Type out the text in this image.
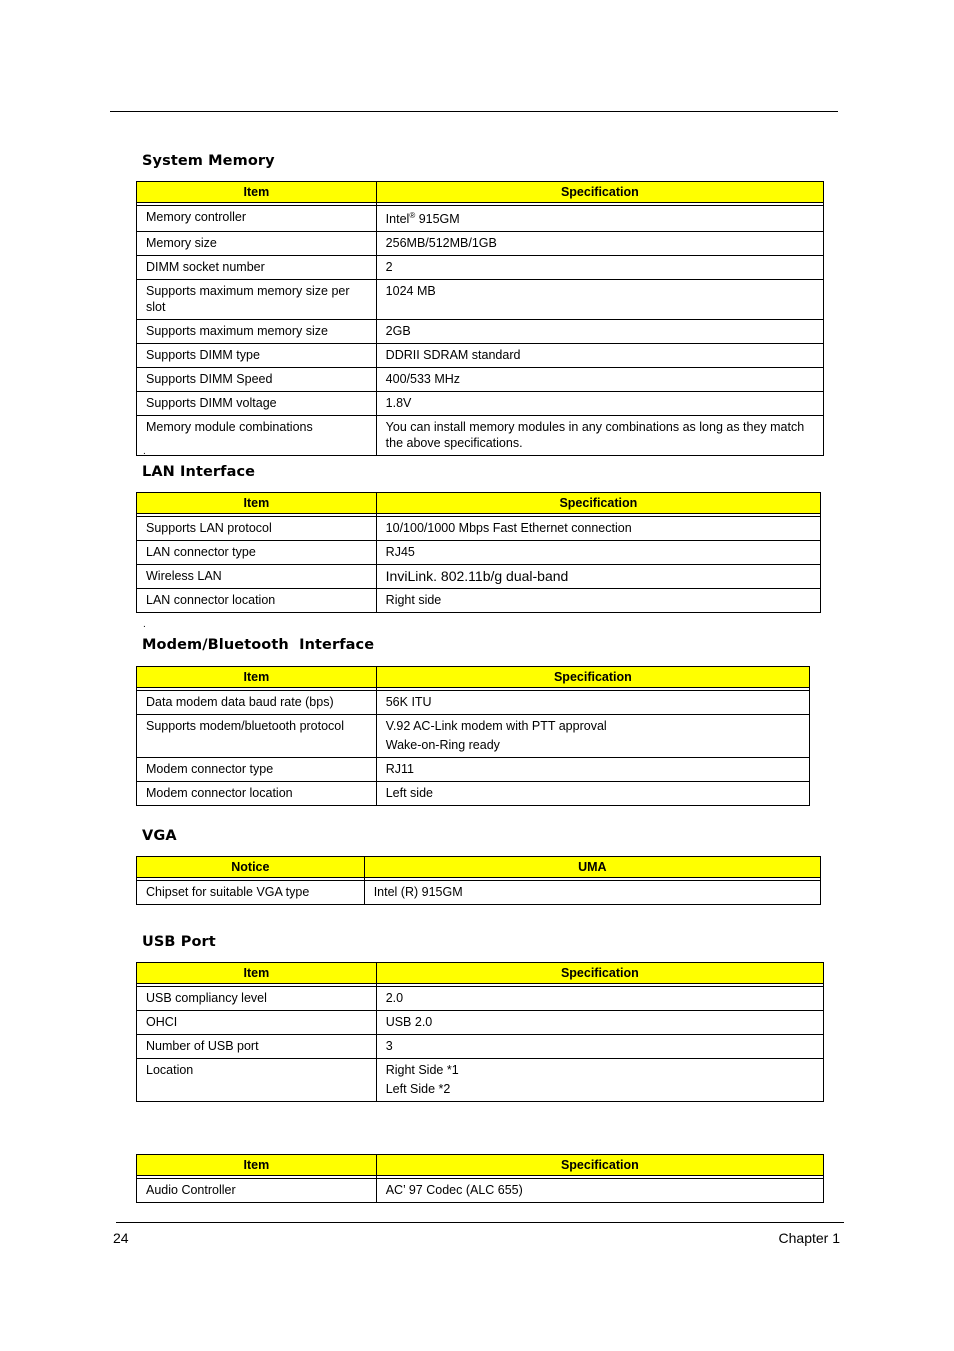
System Memory
Item	Specification

Memory controller	Intel® 915GM
Memory size	256MB/512MB/1GB
DIMM socket number	2
Supports maximum memory size per slot	1024 MB
Supports maximum memory size	2GB
Supports DIMM type	DDRII SDRAM standard
Supports DIMM Speed	400/533 MHz
Supports DIMM voltage	1.8V
Memory module combinations	You can install memory modules in any combinations as long as they match the above specifications.
.
LAN Interface
Item	Specification

Supports LAN protocol	10/100/1000 Mbps Fast Ethernet connection
LAN connector type	RJ45
Wireless LAN	InviLink. 802.11b/g dual-band
LAN connector location	Right side
.
Modem/Bluetooth  Interface
Item	Specification

Data modem data baud rate (bps)	56K ITU
Supports modem/bluetooth protocol	V.92 AC-Link modem with PTT approval
Wake-on-Ring ready

Modem connector type	RJ11
Modem connector location	Left side
VGA
Notice	UMA

Chipset for suitable VGA type	Intel (R) 915GM
USB Port
Item	Specification

USB compliancy level	2.0
OHCI	USB 2.0
Number of USB port	3
Location	Right Side *1
Left Side *2
Item	Specification

Audio Controller	AC’ 97 Codec (ALC 655)
24	Chapter 1
